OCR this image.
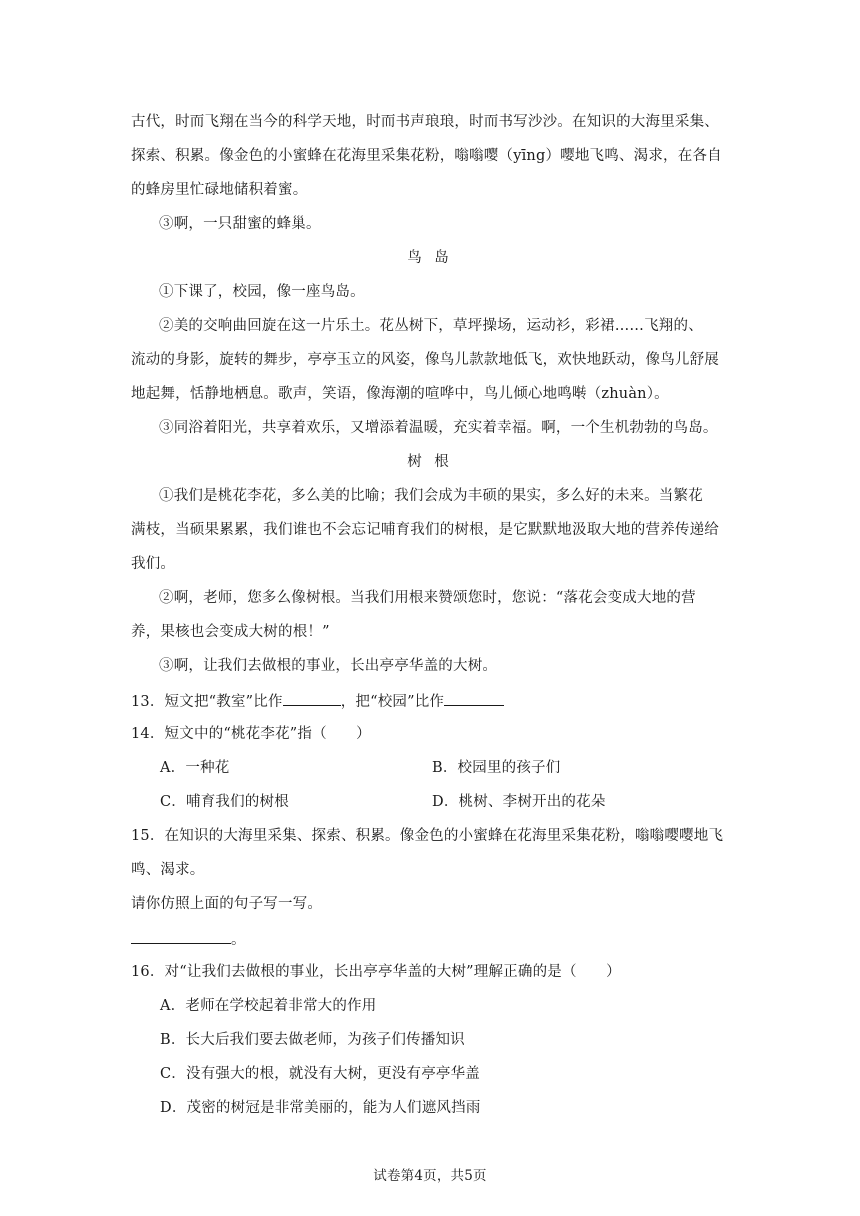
古代，时而飞翔在当今的科学天地，时而书声琅琅，时而书写沙沙。在知识的大海里采集、
探索、积累。像金色的小蜜蜂在花海里采集花粉，嗡嗡嘤（yīng）嘤地飞鸣、渴求，在各自
的蜂房里忙碌地储积着蜜。
③啊，一只甜蜜的蜂巢。
鸟 岛
①下课了，校园，像一座鸟岛。
②美的交响曲回旋在这一片乐土。花丛树下，草坪操场，运动衫，彩裙……飞翔的、
流动的身影，旋转的舞步，亭亭玉立的风姿，像鸟儿款款地低飞，欢快地跃动，像鸟儿舒展
地起舞，恬静地栖息。歌声，笑语，像海潮的喧哗中，鸟儿倾心地鸣啭（zhuàn）。
③同浴着阳光，共享着欢乐，又增添着温暖，充实着幸福。啊，一个生机勃勃的鸟岛。
树 根
①我们是桃花李花，多么美的比喻；我们会成为丰硕的果实，多么好的未来。当繁花
满枝，当硕果累累，我们谁也不会忘记哺育我们的树根，是它默默地汲取大地的营养传递给
我们。
②啊，老师，您多么像树根。当我们用根来赞颂您时，您说：“落花会变成大地的营
养，果核也会变成大树的根！”
③啊，让我们去做根的事业，长出亭亭华盖的大树。
13．短文把“教室”比作	，把“校园”比作
14．短文中的“桃花李花”指（　　）
A．一种花	B．校园里的孩子们
C．哺育我们的树根	D．桃树、李树开出的花朵
15．在知识的大海里采集、探索、积累。像金色的小蜜蜂在花海里采集花粉，嗡嗡嘤嘤地飞
鸣、渴求。
请你仿照上面的句子写一写。
。
16．对“让我们去做根的事业，长出亭亭华盖的大树”理解正确的是（　　）
A．老师在学校起着非常大的作用
B．长大后我们要去做老师，为孩子们传播知识
C．没有强大的根，就没有大树，更没有亭亭华盖
D．茂密的树冠是非常美丽的，能为人们遮风挡雨
试卷第4页，共5页
